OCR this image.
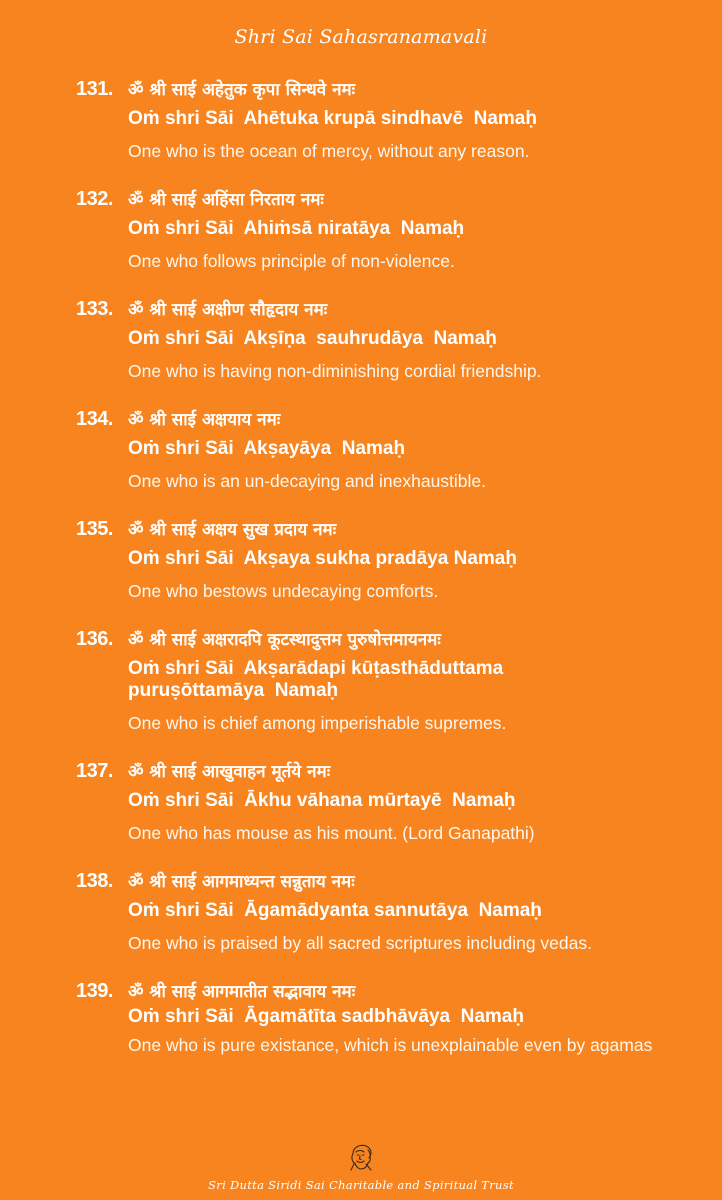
Shri Sai Sahasranamavali
131. ॐ श्री साई अहेतुक कृपा सिन्धवे नमः
Oṁ shri Sāi  Ahētuka krupā sindhavē  Namaḥ
One who is the ocean of mercy, without any reason.
132. ॐ श्री साई अहिंसा निरताय नमः
Oṁ shri Sāi  Ahiṁsā niratāya  Namaḥ
One who follows principle of non-violence.
133. ॐ श्री साई अक्षीण सौहृदाय नमः
Oṁ shri Sāi  Akṣīṇa  sauhrudāya  Namaḥ
One who is having non-diminishing cordial friendship.
134. ॐ श्री साई अक्षयाय नमः
Oṁ shri Sāi  Akṣayāya  Namaḥ
One who is an un-decaying and inexhaustible.
135. ॐ श्री साई अक्षय सुख प्रदाय नमः
Oṁ shri Sāi  Akṣaya sukha pradāya Namaḥ
One who bestows undecaying comforts.
136. ॐ श्री साई अक्षरादपि कूटस्थादुत्तम पुरुषोत्तमायनमः
Oṁ shri Sāi  Akṣarādapi kūṭasthāduttama
puruṣōttamāya  Namaḥ
One who is chief among imperishable supremes.
137. ॐ श्री साई आखुवाहन मूर्तये नमः
Oṁ shri Sāi  Ākhu vāhana mūrtayē  Namaḥ
One who has mouse as his mount. (Lord Ganapathi)
138. ॐ श्री साई आगमाध्यन्त सन्नुताय नमः
Oṁ shri Sāi  Āgamādyanta sannutāya  Namaḥ
One who is praised by all sacred scriptures including vedas.
139. ॐ श्री साई आगमातीत सद्भावाय नमः
Oṁ shri Sāi  Āgamātīta sadbhāvāya  Namaḥ
One who is pure existance, which is unexplainable even by agamas
Sri Dutta Siridi Sai Charitable and Spiritual Trust
